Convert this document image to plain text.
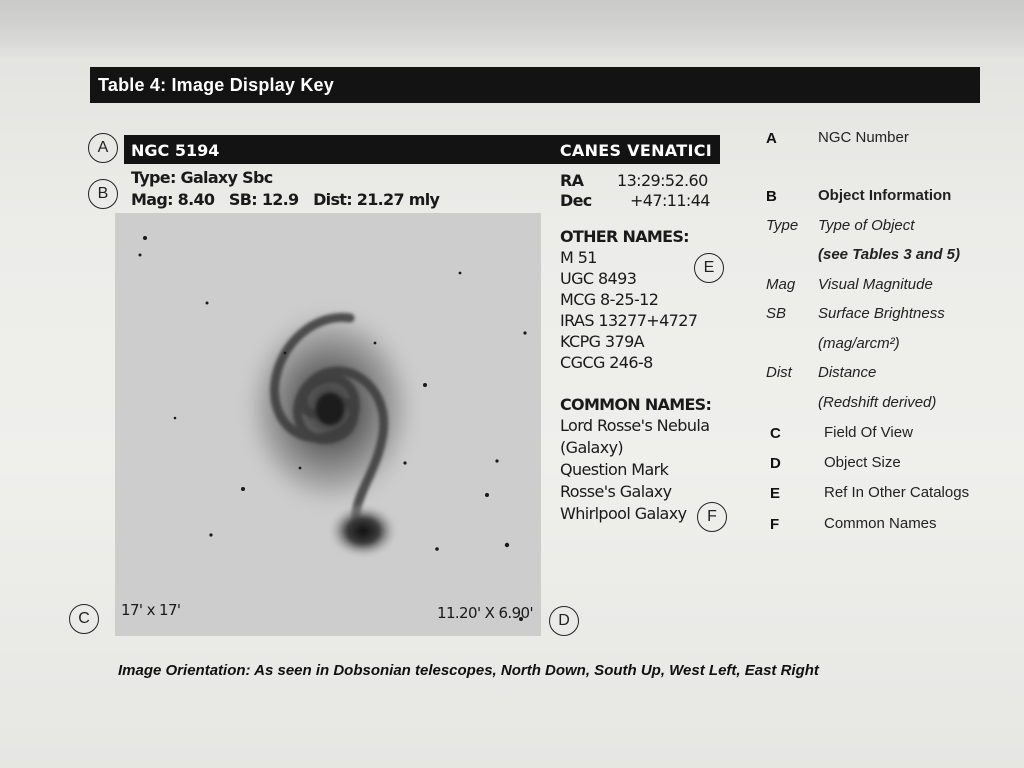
Table 4: Image Display Key
A
B
C	D
E
F
NGC 5194	CANES VENATICI
Type: Galaxy Sbc
Mag: 8.40   SB: 12.9   Dist: 21.27 mly
RA 13:29:52.60
Dec +47:11:44
OTHER NAMES:
M 51
UGC 8493
MCG 8-25-12
IRAS 13277+4727
KCPG 379A
CGCG 246-8
COMMON NAMES:
Lord Rosse's Nebula
(Galaxy)
Question Mark
Rosse's Galaxy
Whirlpool Galaxy
17' x 17'	11.20' X 6.90'
A	NGC Number
B	Object Information
Type Type of Object
(see Tables 3 and 5)
Mag Visual Magnitude
SB Surface Brightness
(mag/arcm²)
Dist Distance
(Redshift derived)
C	Field Of View
D	Object Size
E	Ref In Other Catalogs
F	Common Names
Image Orientation: As seen in Dobsonian telescopes, North Down, South Up, West Left, East Right
